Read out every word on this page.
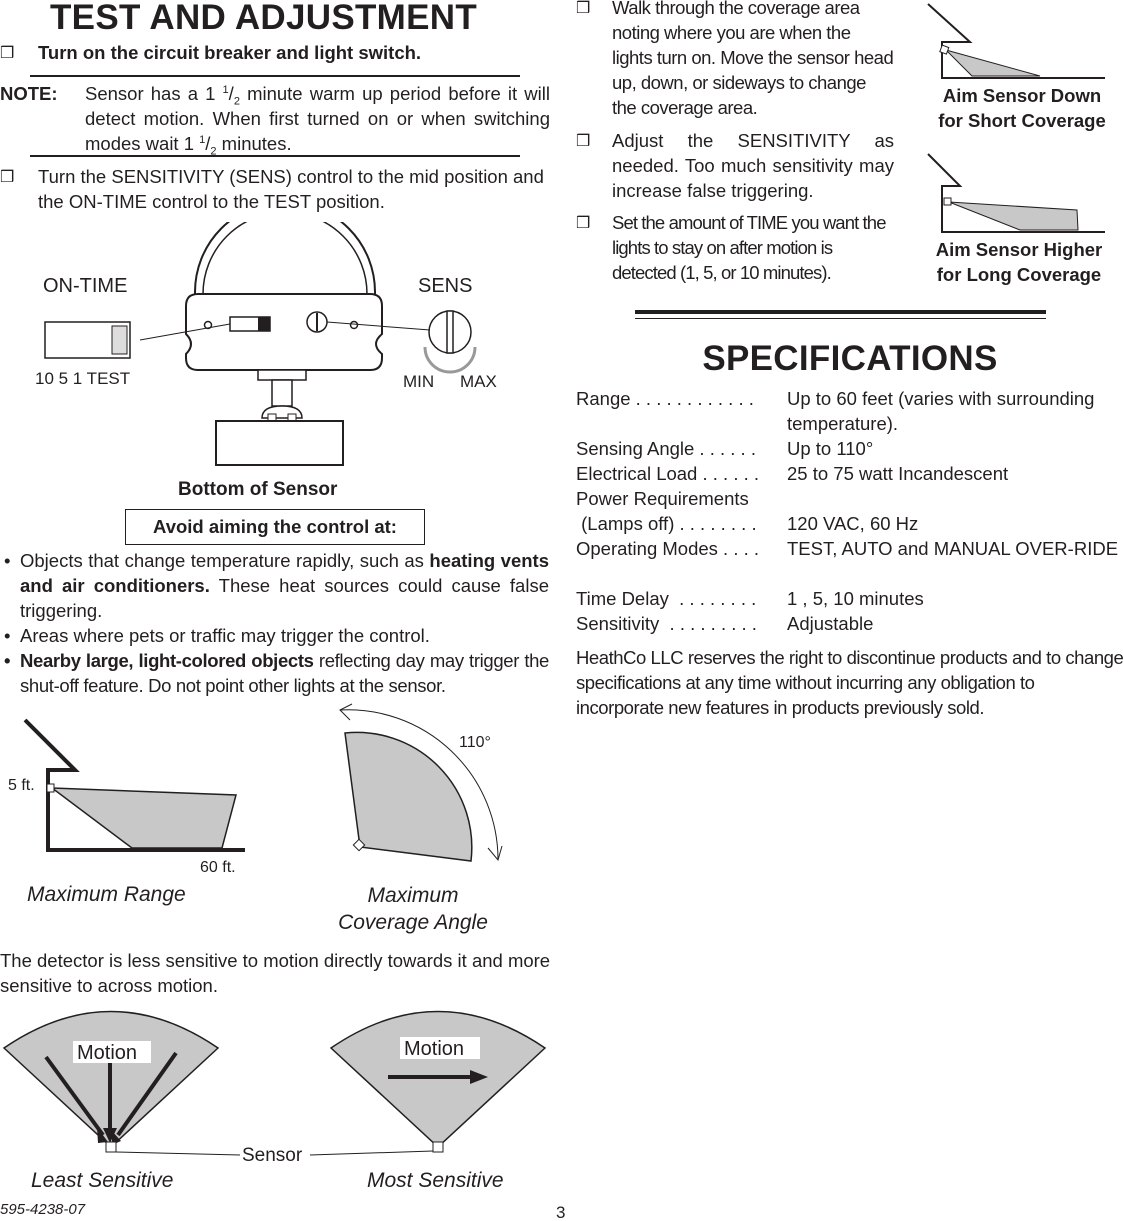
TEST AND ADJUSTMENT
❒ Turn on the circuit breaker and light switch.
NOTE: Sensor has a 1 $^1/_2$ minute warm up period before it will detect motion. When first turned on or when switching modes wait 1 $^1/_2$ minutes.
❒ Turn the SENSITIVITY (SENS) control to the mid position and the ON-TIME control to the TEST position.
ON-TIME
10 5 1 TEST
SENS
MIN MAX
Bottom of Sensor
Avoid aiming the control at:
• Objects that change temperature rapidly, such as heating vents and air conditioners. These heat sources could cause false triggering.
• Areas where pets or traffic may trigger the control.
• Nearby large, light-colored objects reflecting day may trigger the shut-off feature. Do not point other lights at the sensor.
5 ft.
60 ft.
110°
Maximum Range	Maximum
Coverage Angle
The detector is less sensitive to motion directly towards it and more sensitive to across motion.
Motion	Motion
Sensor
Least Sensitive	Most Sensitive
595-4238-07	3
❒ Walk through the coverage area noting where you are when the lights turn on. Move the sensor head up, down, or sideways to change the coverage area.
❒ Adjust the SENSITIVITY as needed. Too much sensitivity may increase false triggering.
❒ Set the amount of TIME you want the lights to stay on after motion is detected (1, 5, or 10 minutes).
Aim Sensor Down
for Short Coverage
Aim Sensor Higher
for Long Coverage
SPECIFICATIONS
Range . . . . . . . . . . . . Up to 60 feet (varies with surrounding temperature).
Sensing Angle . . . . . . Up to 110°
Electrical Load . . . . . . 25 to 75 watt Incandescent
Power Requirements
(Lamps off) . . . . . . . . 120 VAC, 60 Hz
Operating Modes . . . . TEST, AUTO and MANUAL OVER-RIDE
Time Delay  . . . . . . . . 1 , 5, 10 minutes
Sensitivity  . . . . . . . . . Adjustable
HeathCo LLC reserves the right to discontinue products and to change specifications at any time without incurring any obligation to incorporate new features in products previously sold.
